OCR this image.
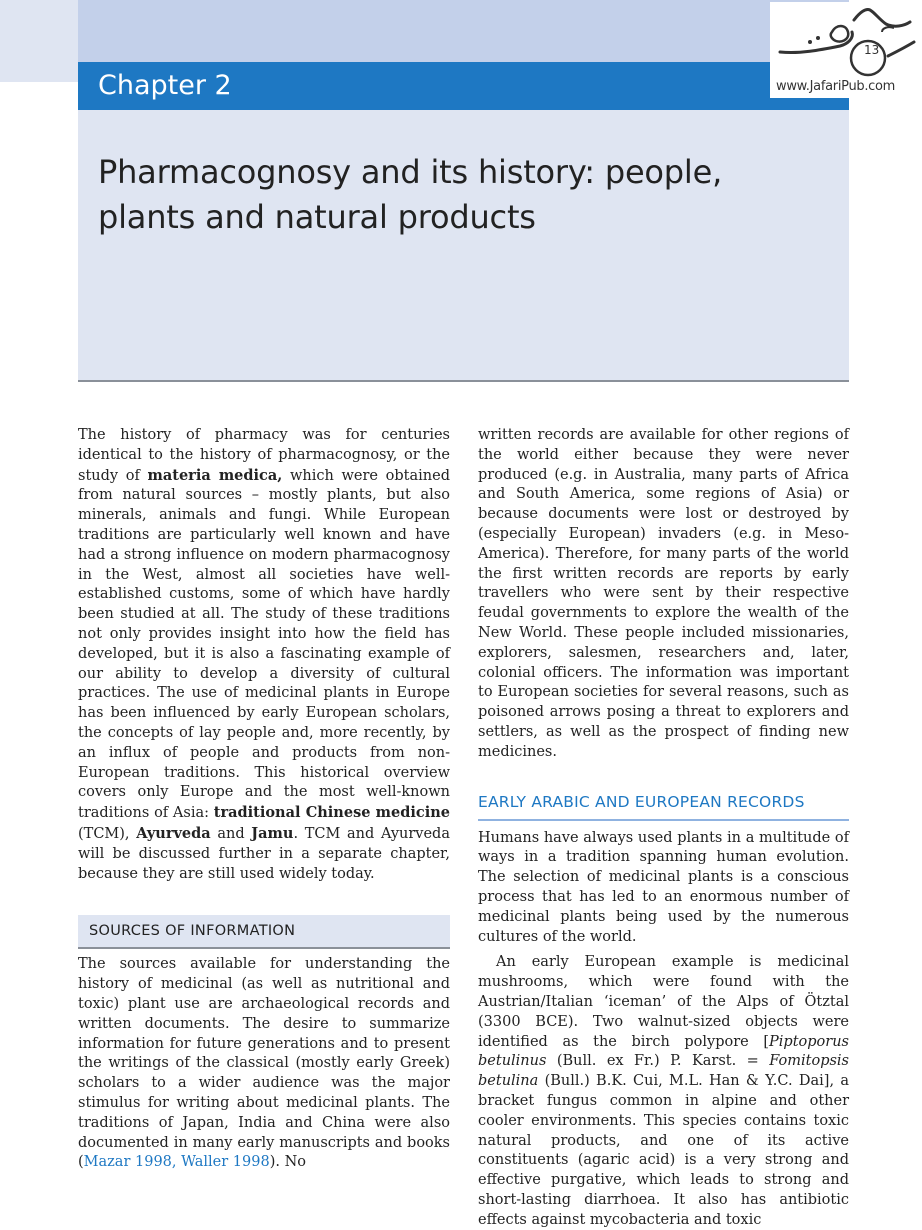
Chapter 2
Pharmacognosy and its history: people,
plants and natural products
13
www.JafariPub.com

The history of pharmacy was for centuries identical to the history of pharmacognosy, or the study of materia medica, which were obtained from natural sources – mostly plants, but also minerals, animals and fungi. While European traditions are particularly well known and have had a strong influence on modern pharmacognosy in the West, almost all societies have well-established customs, some of which have hardly been studied at all. The study of these traditions not only provides insight into how the field has developed, but it is also a fascinating example of our ability to develop a diversity of cultural practices. The use of medicinal plants in Europe has been influenced by early European scholars, the concepts of lay people and, more recently, by an influx of people and products from non-European traditions. This historical overview covers only Europe and the most well-known traditions of Asia: traditional Chinese medicine (TCM), Ayurveda and Jamu. TCM and Ayurveda will be discussed further in a separate chapter, because they are still used widely today.

SOURCES OF INFORMATION

The sources available for understanding the history of medicinal (as well as nutritional and toxic) plant use are archaeological records and written documents. The desire to summarize information for future generations and to present the writings of the classical (mostly early Greek) scholars to a wider audience was the major stimulus for writing about medicinal plants. The traditions of Japan, India and China were also documented in many early manuscripts and books (Mazar 1998, Waller 1998). No

written records are available for other regions of the world either because they were never produced (e.g. in Australia, many parts of Africa and South America, some regions of Asia) or because documents were lost or destroyed by (especially European) invaders (e.g. in Meso-America). Therefore, for many parts of the world the first written records are reports by early travellers who were sent by their respective feudal governments to explore the wealth of the New World. These people included missionaries, explorers, salesmen, researchers and, later, colonial officers. The information was important to European societies for several reasons, such as poisoned arrows posing a threat to explorers and settlers, as well as the prospect of finding new medicines.

EARLY ARABIC AND EUROPEAN RECORDS

Humans have always used plants in a multitude of ways in a tradition spanning human evolution. The selection of medicinal plants is a conscious process that has led to an enormous number of medicinal plants being used by the numerous cultures of the world.

An early European example is medicinal mushrooms, which were found with the Austrian/Italian ‘iceman’ of the Alps of Ötztal (3300 BCE). Two walnut-sized objects were identified as the birch polypore [Piptoporus betulinus (Bull. ex Fr.) P. Karst. = Fomitopsis betulina (Bull.) B.K. Cui, M.L. Han & Y.C. Dai], a bracket fungus common in alpine and other cooler environments. This species contains toxic natural products, and one of its active constituents (agaric acid) is a very strong and effective purgative, which leads to strong and short-lasting diarrhoea. It also has antibiotic effects against mycobacteria and toxic
